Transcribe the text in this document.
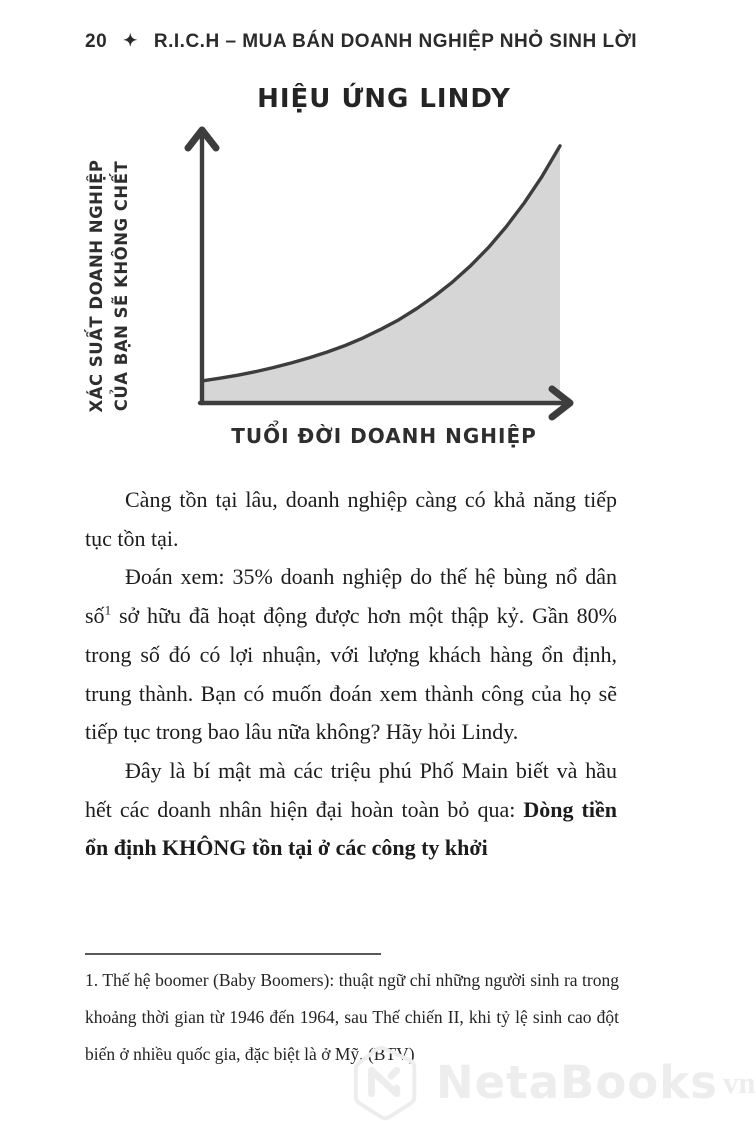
20 ✦ R.I.C.H – MUA BÁN DOANH NGHIỆP NHỎ SINH LỜI
HIỆU ỨNG LINDY
XÁC SUẤT DOANH NGHIỆP CỦA BẠN SẼ KHÔNG CHẾT
TUỔI ĐỜI DOANH NGHIỆP

Càng tồn tại lâu, doanh nghiệp càng có khả năng tiếp tục tồn tại.

Đoán xem: 35% doanh nghiệp do thế hệ bùng nổ dân số$^1$ sở hữu đã hoạt động được hơn một thập kỷ. Gần 80% trong số đó có lợi nhuận, với lượng khách hàng ổn định, trung thành. Bạn có muốn đoán xem thành công của họ sẽ tiếp tục trong bao lâu nữa không? Hãy hỏi Lindy.

Đây là bí mật mà các triệu phú Phố Main biết và hầu hết các doanh nhân hiện đại hoàn toàn bỏ qua: Dòng tiền ổn định KHÔNG tồn tại ở các công ty khởi

1. Thế hệ boomer (Baby Boomers): thuật ngữ chỉ những người sinh ra trong khoảng thời gian từ 1946 đến 1964, sau Thế chiến II, khi tỷ lệ sinh cao đột biến ở nhiều quốc gia, đặc biệt là ở Mỹ. (BTV)
NetaBooks vn
